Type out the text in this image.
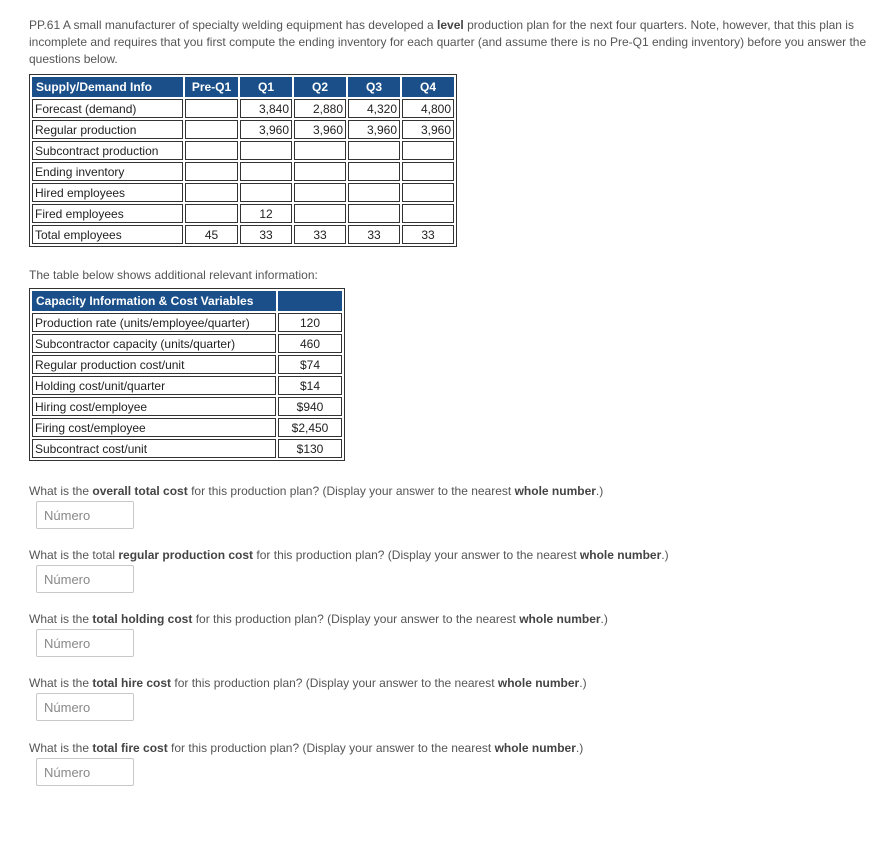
PP.61 A small manufacturer of specialty welding equipment has developed a level production plan for the next four quarters. Note, however, that this plan is incomplete and requires that you first compute the ending inventory for each quarter (and assume there is no Pre-Q1 ending inventory) before you answer the questions below.
Supply/Demand Info	Pre-Q1	Q1	Q2	Q3	Q4
Forecast (demand)		3,840	2,880	4,320	4,800
Regular production		3,960	3,960	3,960	3,960
Subcontract production					
Ending inventory					
Hired employees					
Fired employees		12			
Total employees	45	33	33	33	33
The table below shows additional relevant information:
Capacity Information & Cost Variables	
Production rate (units/employee/quarter)	120
Subcontractor capacity (units/quarter)	460
Regular production cost/unit	$74
Holding cost/unit/quarter	$14
Hiring cost/employee	$940
Firing cost/employee	$2,450
Subcontract cost/unit	$130
What is the overall total cost for this production plan? (Display your answer to the nearest whole number.)
Número
What is the total regular production cost for this production plan? (Display your answer to the nearest whole number.)
Número
What is the total holding cost for this production plan? (Display your answer to the nearest whole number.)
Número
What is the total hire cost for this production plan? (Display your answer to the nearest whole number.)
Número
What is the total fire cost for this production plan? (Display your answer to the nearest whole number.)
Número
